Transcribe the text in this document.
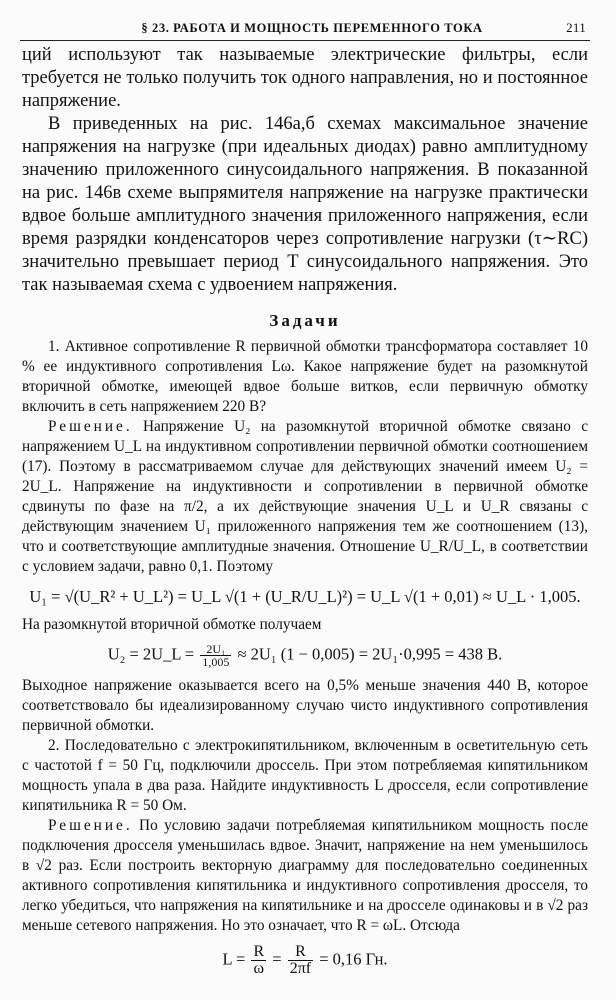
§ 23. РАБОТА И МОЩНОСТЬ ПЕРЕМЕННОГО ТОКА	211

ций используют так называемые электрические фильтры, если требуется не только получить ток одного направления, но и постоянное напряжение.

В приведенных на рис. 146а,б схемах максимальное значение напряжения на нагрузке (при идеальных диодах) равно амплитудному значению приложенного синусоидального напряжения. В показанной на рис. 146в схеме выпрямителя напряжение на нагрузке практически вдвое больше амплитудного значения приложенного напряжения, если время разрядки конденсаторов через сопротивление нагрузки (τ∼RC) значительно превышает период T синусоидального напряжения. Это так называемая схема с удвоением напряжения.

Задачи

1. Активное сопротивление R первичной обмотки трансформатора составляет 10 % ее индуктивного сопротивления Lω. Какое напряжение будет на разомкнутой вторичной обмотке, имеющей вдвое больше витков, если первичную обмотку включить в сеть напряжением 220 В?

Решение. Напряжение U₂ на разомкнутой вторичной обмотке связано с напряжением U_L на индуктивном сопротивлении первичной обмотки соотношением (17). Поэтому в рассматриваемом случае для действующих значений имеем U₂ = 2U_L. Напряжение на индуктивности и сопротивлении в первичной обмотке сдвинуты по фазе на π/2, а их действующие значения U_L и U_R связаны с действующим значением U₁ приложенного напряжения тем же соотношением (13), что и соответствующие амплитудные значения. Отношение U_R/U_L, в соответствии с условием задачи, равно 0,1. Поэтому

U₁ = √(U_R² + U_L²) = U_L √(1 + (U_R/U_L)²) = U_L √(1 + 0,01) ≈ U_L · 1,005.

На разомкнутой вторичной обмотке получаем

U₂ = 2U_L = $\frac{\text{2U₁}}{1,005} \approx 2U_1$ (1 − 0,005) = 2U₁·0,995 = 438 В.

Выходное напряжение оказывается всего на 0,5% меньше значения 440 В, которое соответствовало бы идеализированному случаю чисто индуктивного сопротивления первичной обмотки.

2. Последовательно с электрокипятильником, включенным в осветительную сеть с частотой f = 50 Гц, подключили дроссель. При этом потребляемая кипятильником мощность упала в два раза. Найдите индуктивность L дросселя, если сопротивление кипятильника R = 50 Ом.

Решение. По условию задачи потребляемая кипятильником мощность после подключения дросселя уменьшилась вдвое. Значит, напряжение на нем уменьшилось в √2 раз. Если построить векторную диаграмму для последовательно соединенных активного сопротивления кипятильника и индуктивного сопротивления дросселя, то легко убедиться, что напряжения на кипятильнике и на дросселе одинаковы и в √2 раз меньше сетевого напряжения. Но это означает, что R = ωL. Отсюда

$L = \frac{R}{\omega} = \frac{R}{2\pi f} = 0,16$ Гн.
